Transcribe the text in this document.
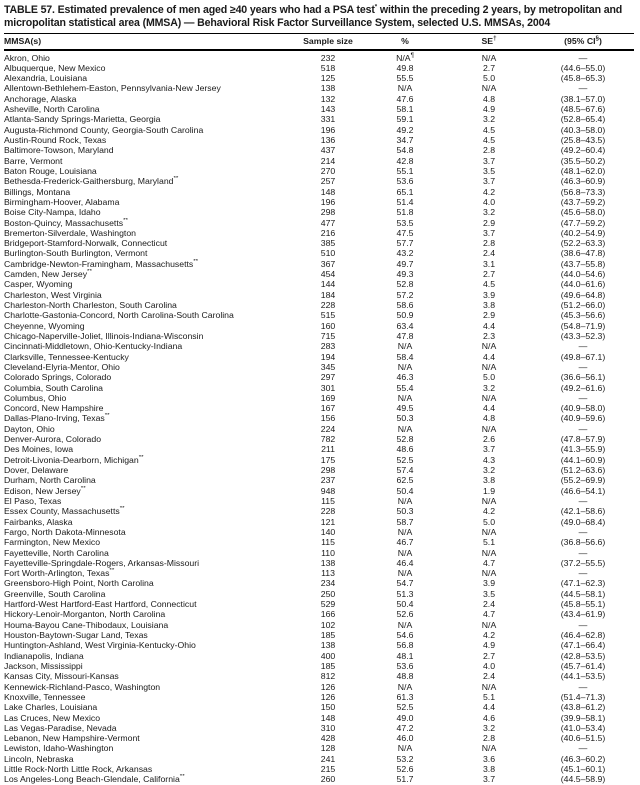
TABLE 57. Estimated prevalence of men aged ≥40 years who had a PSA test* within the preceding 2 years, by metropolitan and micropolitan statistical area (MMSA) — Behavioral Risk Factor Surveillance System, selected U.S. MMSAs, 2004
MMSA(s)	Sample size	%	SE†	(95% CI§)
Akron, Ohio	232	N/A¶	N/A	—
Albuquerque, New Mexico	518	49.8	2.7	(44.6–55.0)
Alexandria, Louisiana	125	55.5	5.0	(45.8–65.3)
Allentown-Bethlehem-Easton, Pennsylvania-New Jersey	138	N/A	N/A	—
Anchorage, Alaska	132	47.6	4.8	(38.1–57.0)
Asheville, North Carolina	143	58.1	4.9	(48.5–67.6)
Atlanta-Sandy Springs-Marietta, Georgia	331	59.1	3.2	(52.8–65.4)
Augusta-Richmond County, Georgia-South Carolina	196	49.2	4.5	(40.3–58.0)
Austin-Round Rock, Texas	136	34.7	4.5	(25.8–43.5)
Baltimore-Towson, Maryland	437	54.8	2.8	(49.2–60.4)
Barre, Vermont	214	42.8	3.7	(35.5–50.2)
Baton Rouge, Louisiana	270	55.1	3.5	(48.1–62.0)
Bethesda-Frederick-Gaithersburg, Maryland**	257	53.6	3.7	(46.3–60.9)
Billings, Montana	148	65.1	4.2	(56.8–73.3)
Birmingham-Hoover, Alabama	196	51.4	4.0	(43.7–59.2)
Boise City-Nampa, Idaho	298	51.8	3.2	(45.6–58.0)
Boston-Quincy, Massachusetts**	477	53.5	2.9	(47.7–59.2)
Bremerton-Silverdale, Washington	216	47.5	3.7	(40.2–54.9)
Bridgeport-Stamford-Norwalk, Connecticut	385	57.7	2.8	(52.2–63.3)
Burlington-South Burlington, Vermont	510	43.2	2.4	(38.6–47.8)
Cambridge-Newton-Framingham, Massachusetts**	367	49.7	3.1	(43.7–55.8)
Camden, New Jersey**	454	49.3	2.7	(44.0–54.6)
Casper, Wyoming	144	52.8	4.5	(44.0–61.6)
Charleston, West Virginia	184	57.2	3.9	(49.6–64.8)
Charleston-North Charleston, South Carolina	228	58.6	3.8	(51.2–66.0)
Charlotte-Gastonia-Concord, North Carolina-South Carolina	515	50.9	2.9	(45.3–56.6)
Cheyenne, Wyoming	160	63.4	4.4	(54.8–71.9)
Chicago-Naperville-Joliet, Illinois-Indiana-Wisconsin	715	47.8	2.3	(43.3–52.3)
Cincinnati-Middletown, Ohio-Kentucky-Indiana	283	N/A	N/A	—
Clarksville, Tennessee-Kentucky	194	58.4	4.4	(49.8–67.1)
Cleveland-Elyria-Mentor, Ohio	345	N/A	N/A	—
Colorado Springs, Colorado	297	46.3	5.0	(36.6–56.1)
Columbia, South Carolina	301	55.4	3.2	(49.2–61.6)
Columbus, Ohio	169	N/A	N/A	—
Concord, New Hampshire	167	49.5	4.4	(40.9–58.0)
Dallas-Plano-Irving, Texas**	156	50.3	4.8	(40.9–59.6)
Dayton, Ohio	224	N/A	N/A	—
Denver-Aurora, Colorado	782	52.8	2.6	(47.8–57.9)
Des Moines, Iowa	211	48.6	3.7	(41.3–55.9)
Detroit-Livonia-Dearborn, Michigan**	175	52.5	4.3	(44.1–60.9)
Dover, Delaware	298	57.4	3.2	(51.2–63.6)
Durham, North Carolina	237	62.5	3.8	(55.2–69.9)
Edison, New Jersey**	948	50.4	1.9	(46.6–54.1)
El Paso, Texas	115	N/A	N/A	—
Essex County, Massachusetts**	228	50.3	4.2	(42.1–58.6)
Fairbanks, Alaska	121	58.7	5.0	(49.0–68.4)
Fargo, North Dakota-Minnesota	140	N/A	N/A	—
Farmington, New Mexico	115	46.7	5.1	(36.8–56.6)
Fayetteville, North Carolina	110	N/A	N/A	—
Fayetteville-Springdale-Rogers, Arkansas-Missouri	138	46.4	4.7	(37.2–55.5)
Fort Worth-Arlington, Texas**	113	N/A	N/A	—
Greensboro-High Point, North Carolina	234	54.7	3.9	(47.1–62.3)
Greenville, South Carolina	250	51.3	3.5	(44.5–58.1)
Hartford-West Hartford-East Hartford, Connecticut	529	50.4	2.4	(45.8–55.1)
Hickory-Lenoir-Morganton, North Carolina	166	52.6	4.7	(43.4–61.9)
Houma-Bayou Cane-Thibodaux, Louisiana	102	N/A	N/A	—
Houston-Baytown-Sugar Land, Texas	185	54.6	4.2	(46.4–62.8)
Huntington-Ashland, West Virginia-Kentucky-Ohio	138	56.8	4.9	(47.1–66.4)
Indianapolis, Indiana	400	48.1	2.7	(42.8–53.5)
Jackson, Mississippi	185	53.6	4.0	(45.7–61.4)
Kansas City, Missouri-Kansas	812	48.8	2.4	(44.1–53.5)
Kennewick-Richland-Pasco, Washington	126	N/A	N/A	—
Knoxville, Tennessee	126	61.3	5.1	(51.4–71.3)
Lake Charles, Louisiana	150	52.5	4.4	(43.8–61.2)
Las Cruces, New Mexico	148	49.0	4.6	(39.9–58.1)
Las Vegas-Paradise, Nevada	310	47.2	3.2	(41.0–53.4)
Lebanon, New Hampshire-Vermont	428	46.0	2.8	(40.6–51.5)
Lewiston, Idaho-Washington	128	N/A	N/A	—
Lincoln, Nebraska	241	53.2	3.6	(46.3–60.2)
Little Rock-North Little Rock, Arkansas	215	52.6	3.8	(45.1–60.1)
Los Angeles-Long Beach-Glendale, California**	260	51.7	3.7	(44.5–58.9)
